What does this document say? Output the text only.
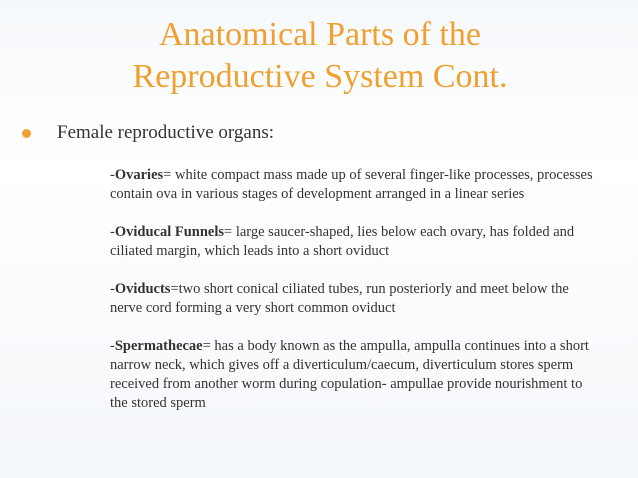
Anatomical Parts of the
Reproductive System Cont.
Female reproductive organs:

-Ovaries= white compact mass made up of several finger-like processes, processes contain ova in various stages of development arranged in a linear series

-Oviducal Funnels= large saucer-shaped, lies below each ovary, has folded and ciliated margin, which leads into a short oviduct

-Oviducts=two short conical ciliated tubes, run posteriorly and meet below the nerve cord forming a very short common oviduct

-Spermathecae= has a body known as the ampulla, ampulla continues into a short narrow neck, which gives off a diverticulum/caecum, diverticulum stores sperm received from another worm during copulation- ampullae provide nourishment to the stored sperm
